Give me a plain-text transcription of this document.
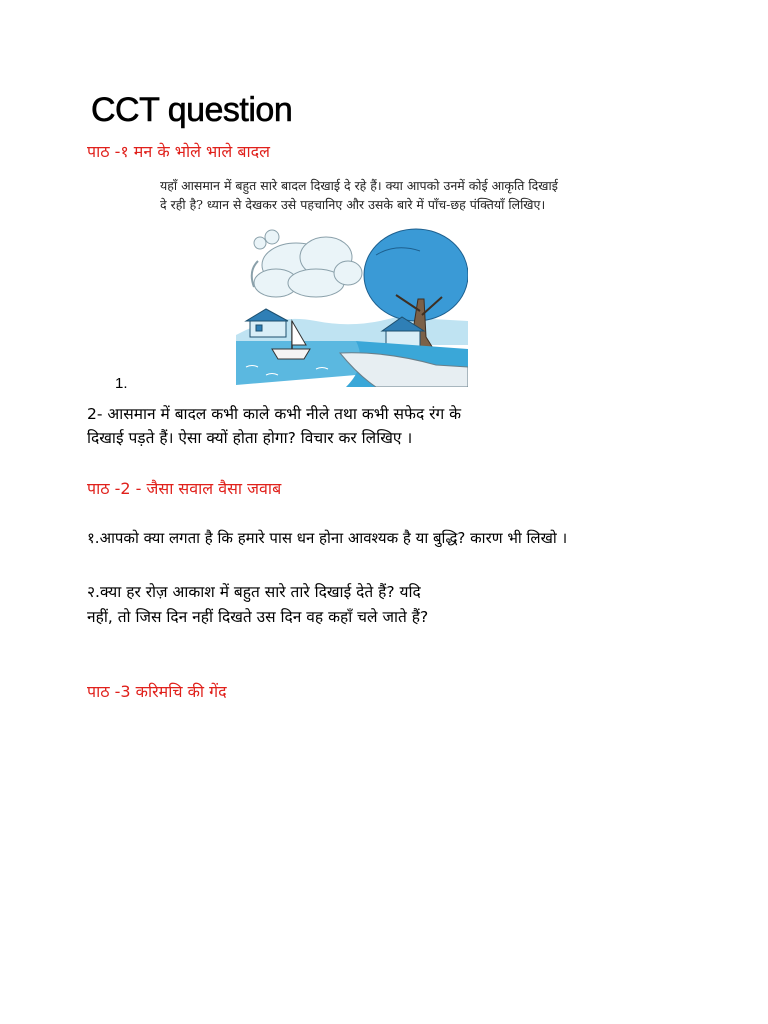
CCT question
पाठ -१ मन के भोले भाले बादल
यहाँ आसमान में बहुत सारे बादल दिखाई दे रहे हैं। क्या आपको उनमें कोई आकृति दिखाई
दे रही है? ध्यान से देखकर उसे पहचानिए और उसके बारे में पाँच-छह पंक्तियाँ लिखिए।
1.
2- आसमान में बादल कभी काले कभी नीले तथा कभी सफेद रंग के
दिखाई पड़ते हैं। ऐसा क्यों होता होगा? विचार कर लिखिए ।
पाठ -2 - जैसा सवाल वैसा जवाब
१.आपको क्या लगता है कि हमारे पास धन होना आवश्यक है या बुद्धि? कारण भी लिखो ।
२.क्या हर रोज़ आकाश में बहुत सारे तारे दिखाई देते हैं? यदि
नहीं, तो जिस दिन नहीं दिखते उस दिन वह कहाँ चले जाते हैं?
पाठ -3 करिमचि की गेंद
